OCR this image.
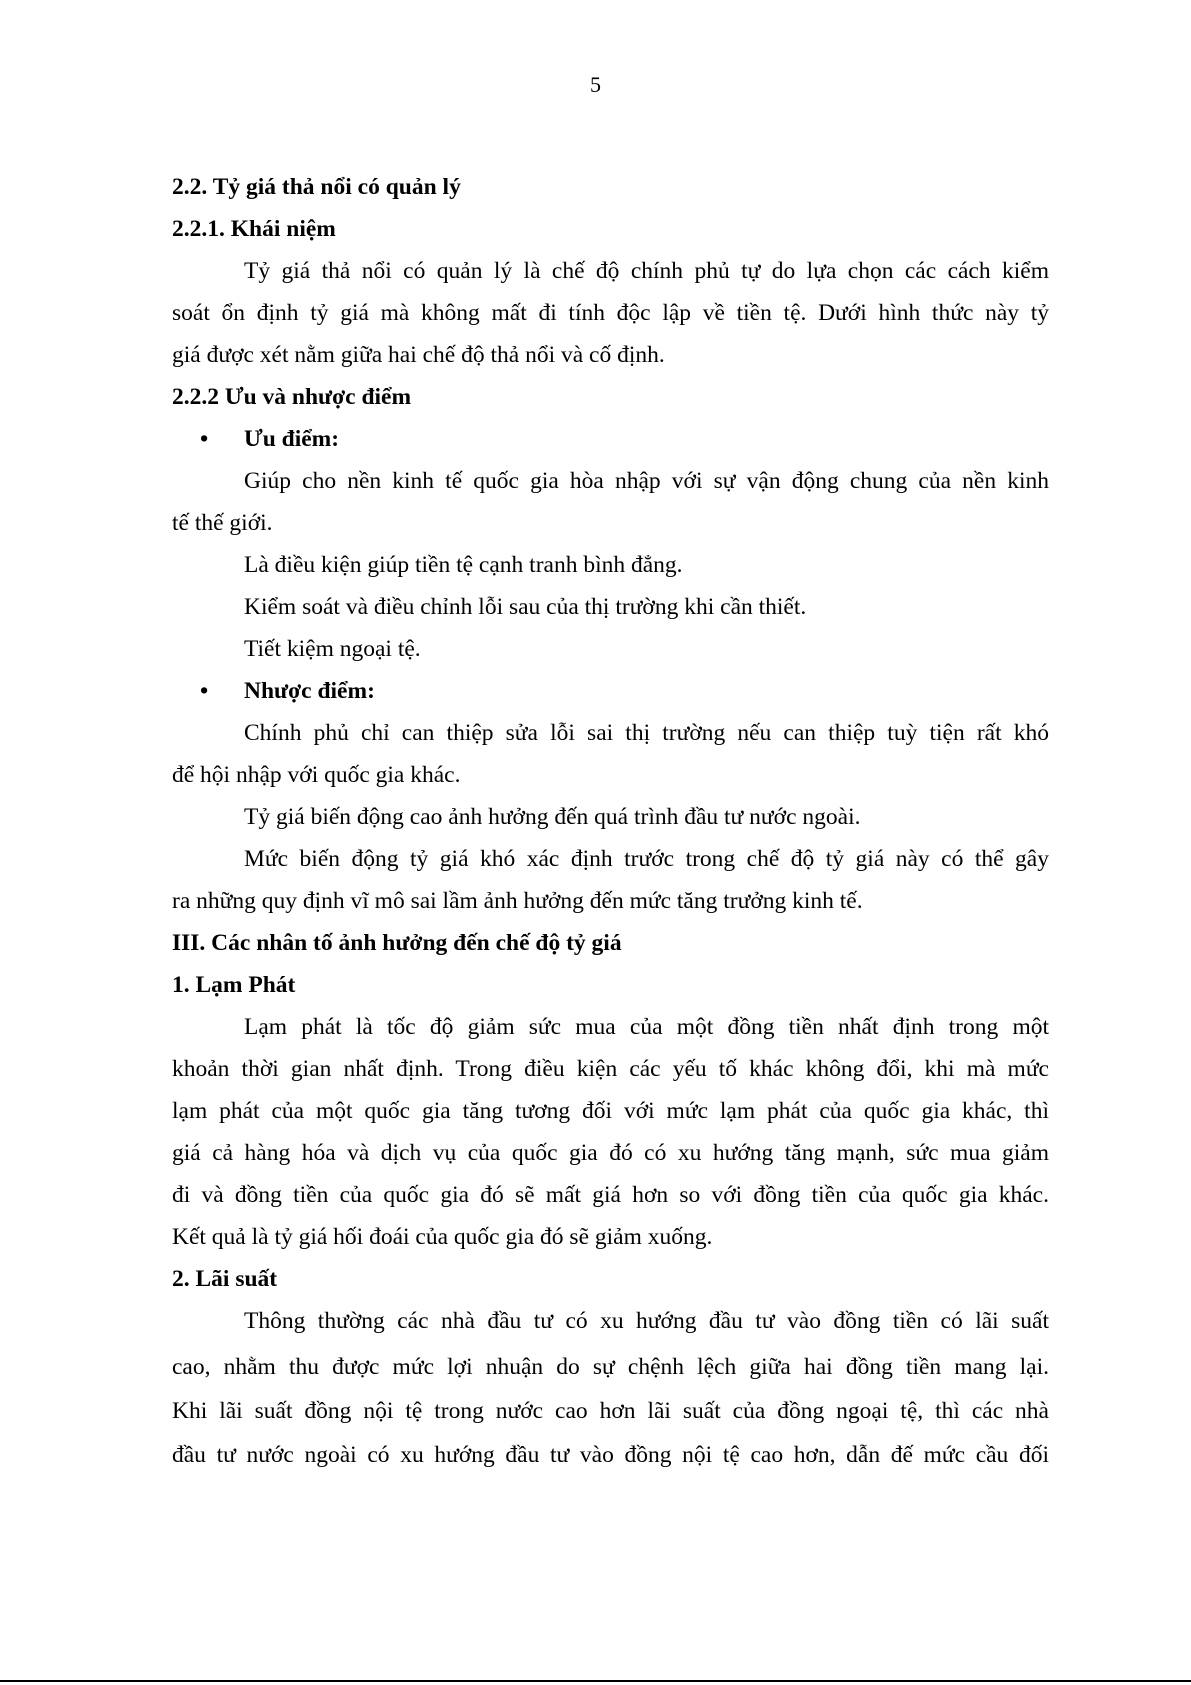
5
2.2. Tỷ giá thả nổi có quản lý
2.2.1. Khái niệm
Tỷ giá thả nổi có quản lý là chế độ chính phủ tự do lựa chọn các cách kiểm
soát ổn định tỷ giá mà không mất đi tính độc lập về tiền tệ. Dưới hình thức này tỷ
giá được xét nằm giữa hai chế độ thả nổi và cố định.
2.2.2 Ưu và nhược điểm
• Ưu điểm:
Giúp cho nền kinh tế quốc gia hòa nhập với sự vận động chung của nền kinh
tế thế giới.
Là điều kiện giúp tiền tệ cạnh tranh bình đẳng.
Kiểm soát và điều chỉnh lỗi sau của thị trường khi cần thiết.
Tiết kiệm ngoại tệ.
• Nhược điểm:
Chính phủ chỉ can thiệp sửa lỗi sai thị trường nếu can thiệp tuỳ tiện rất khó
để hội nhập với quốc gia khác.
Tỷ giá biến động cao ảnh hưởng đến quá trình đầu tư nước ngoài.
Mức biến động tỷ giá khó xác định trước trong chế độ tỷ giá này có thể gây
ra những quy định vĩ mô sai lầm ảnh hưởng đến mức tăng trưởng kinh tế.
III. Các nhân tố ảnh hưởng đến chế độ tỷ giá
1. Lạm Phát
Lạm phát là tốc độ giảm sức mua của một đồng tiền nhất định trong một
khoản thời gian nhất định. Trong điều kiện các yếu tố khác không đổi, khi mà mức
lạm phát của một quốc gia tăng tương đối với mức lạm phát của quốc gia khác, thì
giá cả hàng hóa và dịch vụ của quốc gia đó có xu hướng tăng mạnh, sức mua giảm
đi và đồng tiền của quốc gia đó sẽ mất giá hơn so với đồng tiền của quốc gia khác.
Kết quả là tỷ giá hối đoái của quốc gia đó sẽ giảm xuống.
2. Lãi suất
Thông thường các nhà đầu tư có xu hướng đầu tư vào đồng tiền có lãi suất
cao, nhằm thu được mức lợi nhuận do sự chệnh lệch giữa hai đồng tiền mang lại.
Khi lãi suất đồng nội tệ trong nước cao hơn lãi suất của đồng ngoại tệ, thì các nhà
đầu tư nước ngoài có xu hướng đầu tư vào đồng nội tệ cao hơn, dẫn đế mức cầu đối
